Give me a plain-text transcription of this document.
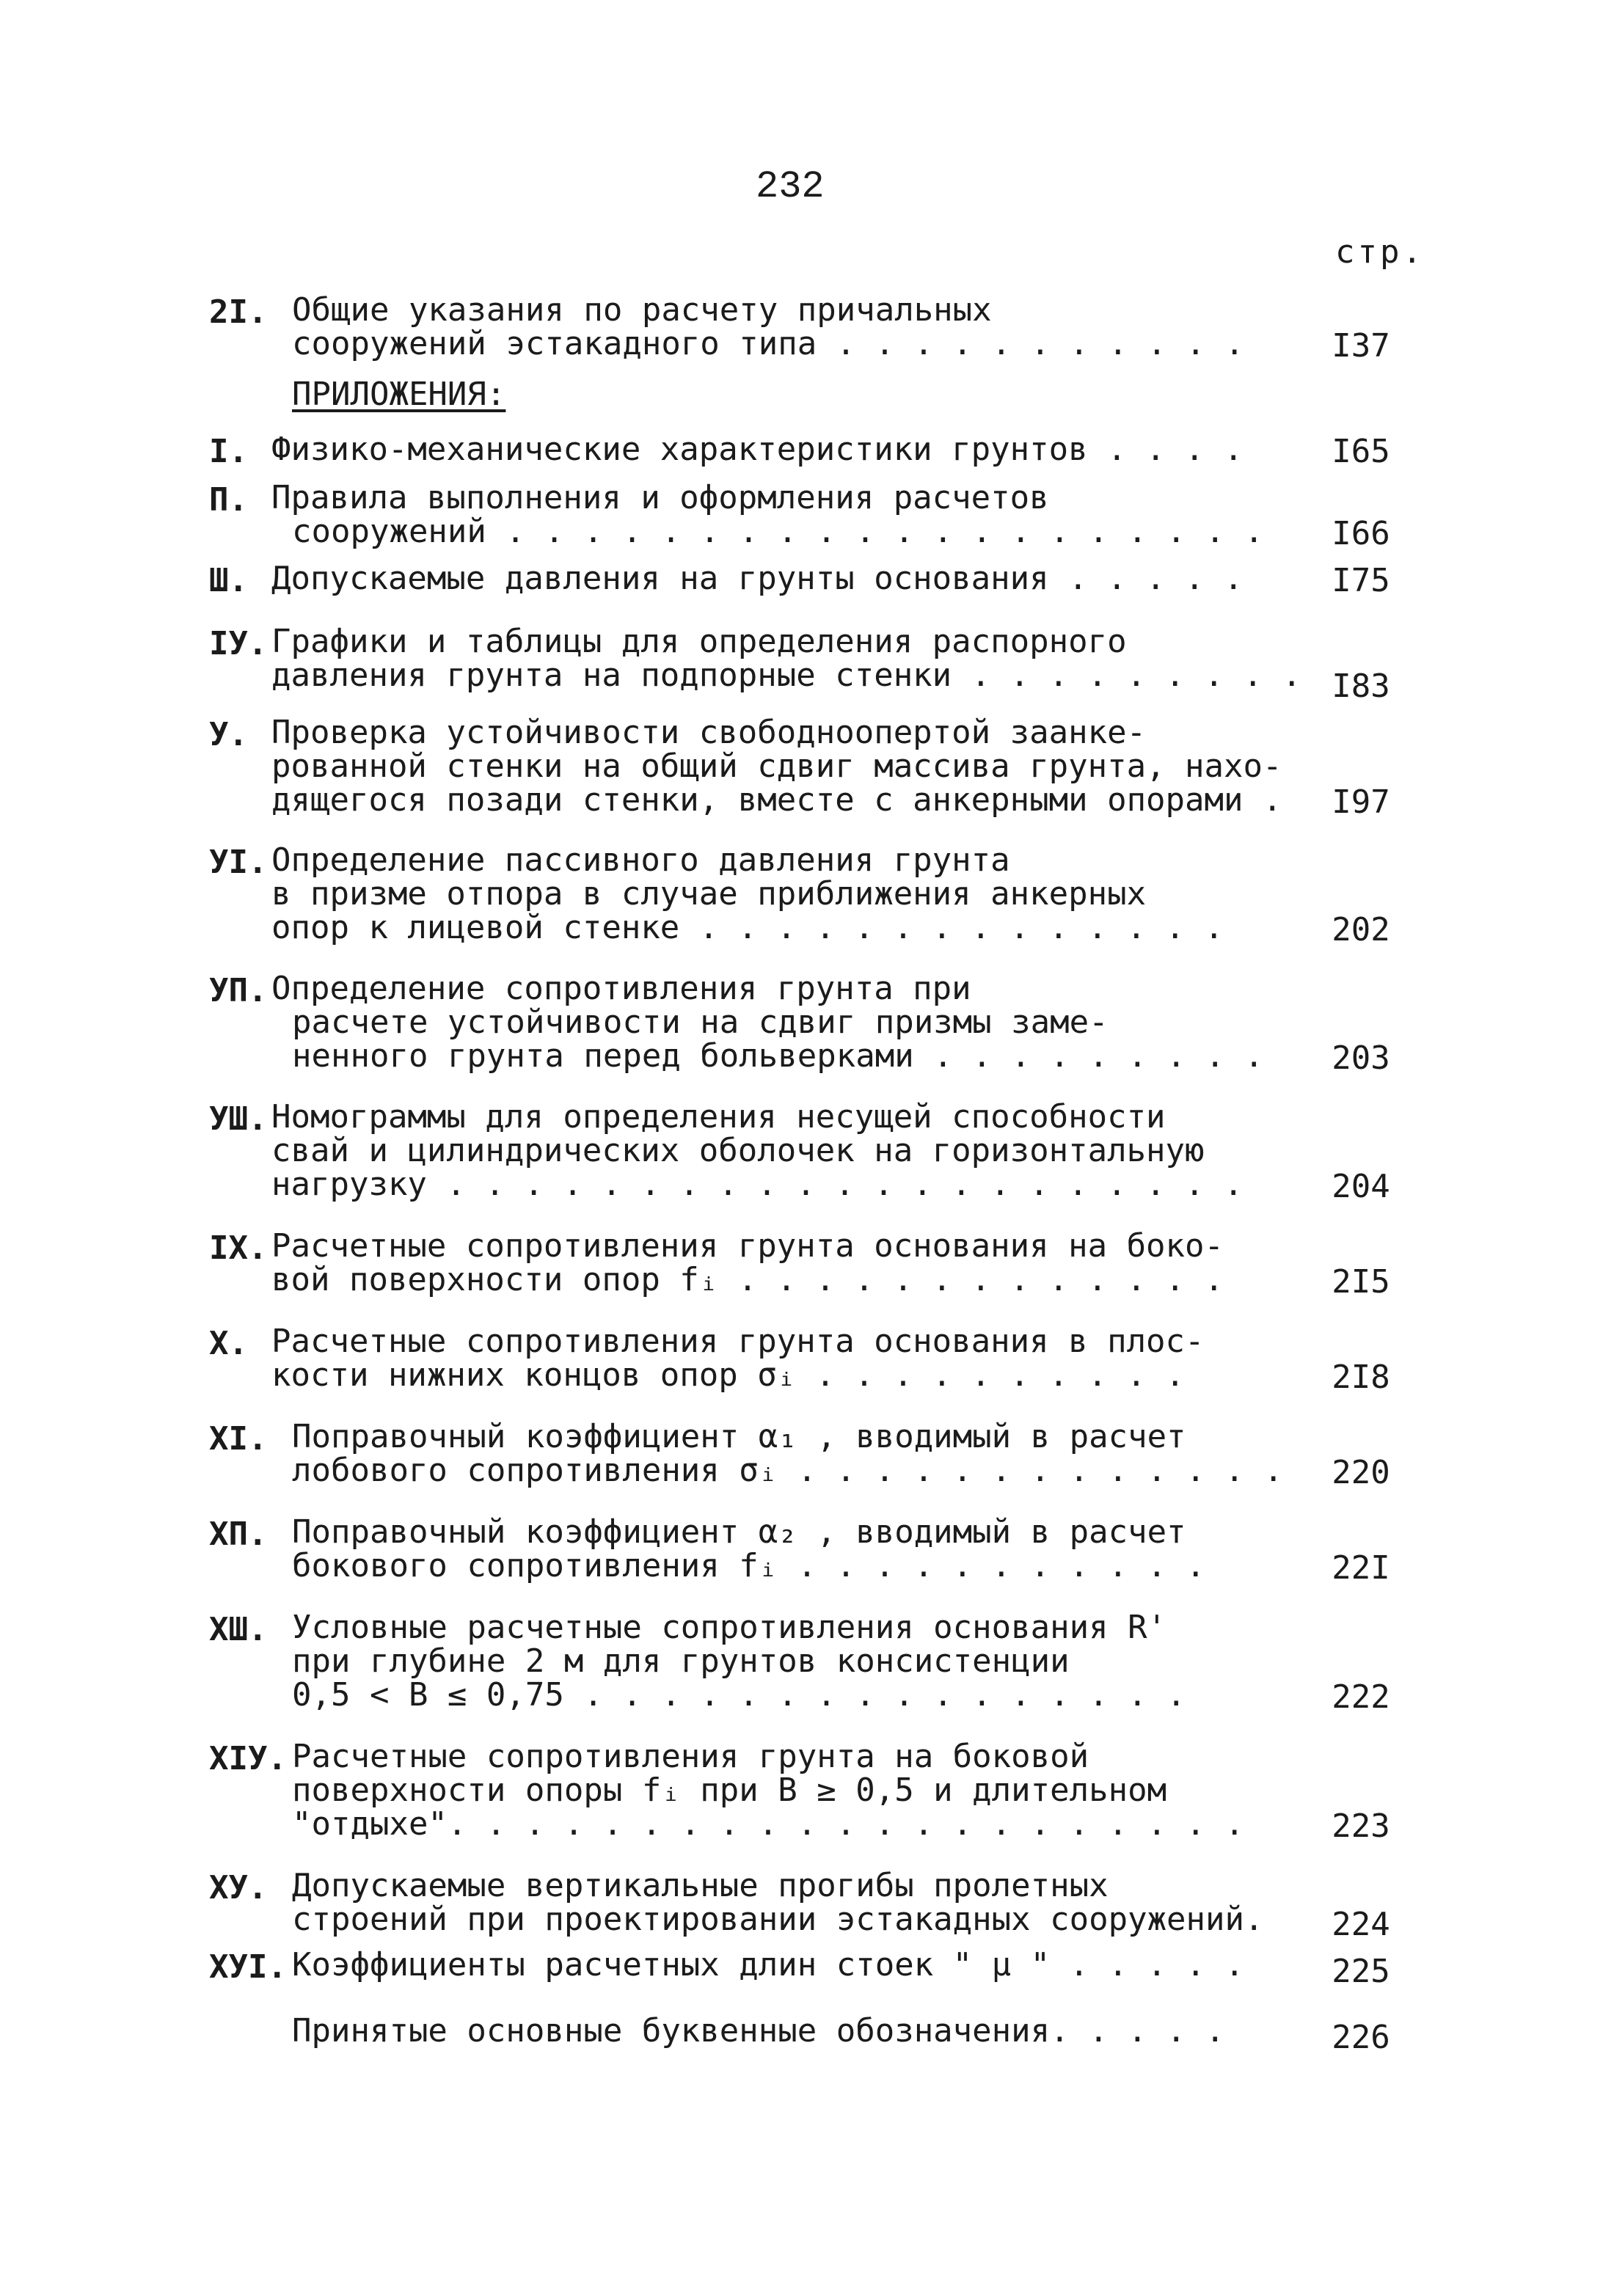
232
стр.
ПРИЛОЖЕНИЯ:
2I. Общие указания по расчету причальных
сооружений эстакадного типа . . . . . . . . . . .	I37
I. Физико-механические характеристики грунтов . . . .	I65
П. Правила выполнения и оформления расчетов
сооружений . . . . . . . . . . . . . . . . . . . .	I66
Ш. Допускаемые давления на грунты основания . . . . .	I75
IУ. Графики и таблицы для определения распорного
давления грунта на подпорные стенки . . . . . . . . . I83
У. Проверка устойчивости свободноопертой заанке-
рованной стенки на общий сдвиг массива грунта, нахо-
дящегося позади стенки, вместе с анкерными опорами .	I97
УI. Определение пассивного давления грунта
в призме отпора в случае приближения анкерных
опор к лицевой стенке . . . . . . . . . . . . . .	202
УП. Определение сопротивления грунта при
расчете устойчивости на сдвиг призмы заме-
ненного грунта перед больверками . . . . . . . . .	203
УШ. Номограммы для определения несущей способности
свай и цилиндрических оболочек на горизонтальную
нагрузку . . . . . . . . . . . . . . . . . . . . .	204
IX. Расчетные сопротивления грунта основания на боко-
вой поверхности опор fᵢ . . . . . . . . . . . . .	2I5
X. Расчетные сопротивления грунта основания в плос-
кости нижних концов опор σᵢ . . . . . . . . . .	2I8
XI. Поправочный коэффициент α₁ , вводимый в расчет
лобового сопротивления σᵢ . . . . . . . . . . . . .	220
XП. Поправочный коэффициент α₂ , вводимый в расчет
бокового сопротивления fᵢ . . . . . . . . . . .	22I
XШ. Условные расчетные сопротивления основания R'
при глубине 2 м для грунтов консистенции
0,5 < B ≤ 0,75 . . . . . . . . . . . . . . . .	222
XIУ. Расчетные сопротивления грунта на боковой
поверхности опоры fᵢ при B ≥ 0,5 и длительном
"отдыхе". . . . . . . . . . . . . . . . . . . . .	223
XУ. Допускаемые вертикальные прогибы пролетных
строений при проектировании эстакадных сооружений.	224
XУI. Коэффициенты расчетных длин стоек " μ " . . . . .	225
Принятые основные буквенные обозначения. . . . .	226
